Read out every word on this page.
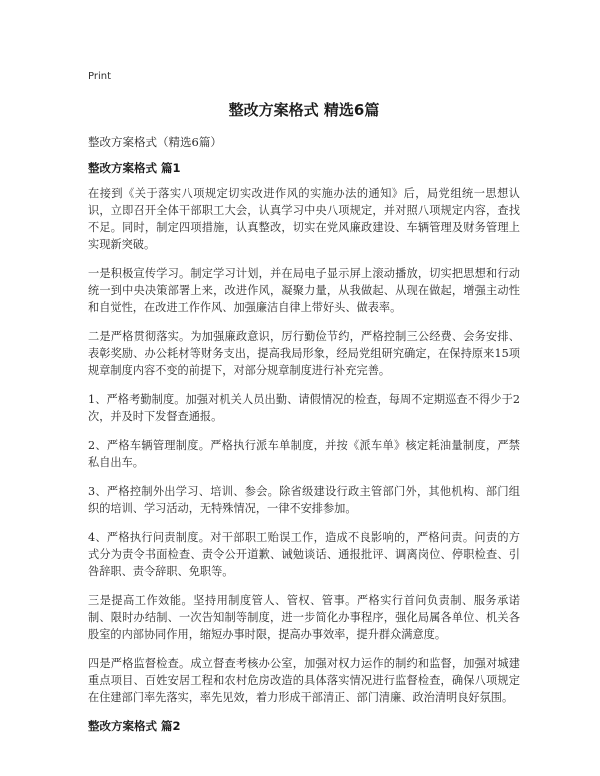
Print
整改方案格式 精选6篇
整改方案格式（精选6篇）
整改方案格式 篇1

在接到《关于落实八项规定切实改进作风的实施办法的通知》后，局党组统一思想认识，立即召开全体干部职工大会，认真学习中央八项规定，并对照八项规定内容，查找不足。同时，制定四项措施，认真整改，切实在党风廉政建设、车辆管理及财务管理上实现新突破。

一是积极宣传学习。制定学习计划，并在局电子显示屏上滚动播放，切实把思想和行动统一到中央决策部署上来，改进作风，凝聚力量，从我做起、从现在做起，增强主动性和自觉性，在改进工作作风、加强廉洁自律上带好头、做表率。

二是严格贯彻落实。为加强廉政意识，厉行勤俭节约，严格控制三公经费、会务安排、表彰奖励、办公耗材等财务支出，提高我局形象，经局党组研究确定，在保持原来15项规章制度内容不变的前提下，对部分规章制度进行补充完善。

1、严格考勤制度。加强对机关人员出勤、请假情况的检查，每周不定期巡查不得少于2次，并及时下发督查通报。

2、严格车辆管理制度。严格执行派车单制度，并按《派车单》核定耗油量制度，严禁私自出车。

3、严格控制外出学习、培训、参会。除省级建设行政主管部门外，其他机构、部门组织的培训、学习活动，无特殊情况，一律不安排参加。

4、严格执行问责制度。对干部职工贻误工作，造成不良影响的，严格问责。问责的方式分为责令书面检查、责令公开道歉、诫勉谈话、通报批评、调离岗位、停职检查、引咎辞职、责令辞职、免职等。

三是提高工作效能。坚持用制度管人、管权、管事。严格实行首问负责制、服务承诺制、限时办结制、一次告知制等制度，进一步简化办事程序，强化局属各单位、机关各股室的内部协同作用，缩短办事时限，提高办事效率，提升群众满意度。

四是严格监督检查。成立督查考核办公室，加强对权力运作的制约和监督，加强对城建重点项目、百姓安居工程和农村危房改造的具体落实情况进行监督检查，确保八项规定在住建部门率先落实，率先见效，着力形成干部清正、部门清廉、政治清明良好氛围。

整改方案格式 篇2
